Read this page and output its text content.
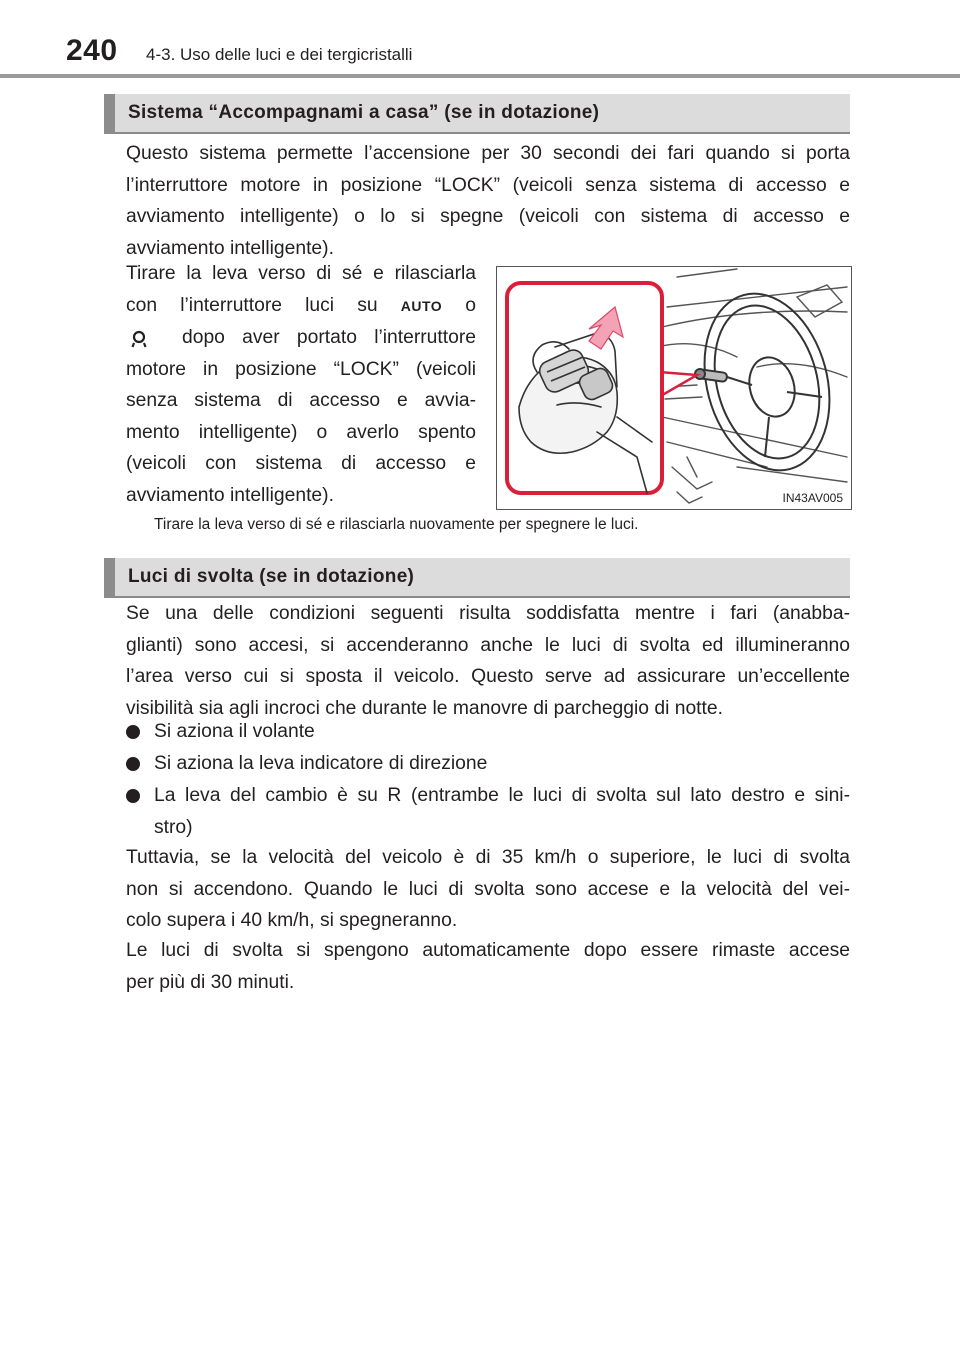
240 4-3. Uso delle luci e dei tergicristalli
Sistema “Accompagnami a casa” (se in dotazione)
Questo sistema permette l’accensione per 30 secondi dei fari quando si porta
l’interruttore motore in posizione “LOCK” (veicoli senza sistema di accesso e
avviamento intelligente) o lo si spegne (veicoli con sistema di accesso e
avviamento intelligente).
Tirare la leva verso di sé e rilasciarla
con l’interruttore luci su AUTO o
dopo aver portato l’interruttore
motore in posizione “LOCK” (veicoli
senza sistema di accesso e avvia-
mento intelligente) o averlo spento
(veicoli con sistema di accesso e
avviamento intelligente).	IN43AV005
Tirare la leva verso di sé e rilasciarla nuovamente per spegnere le luci.
Luci di svolta (se in dotazione)
Se una delle condizioni seguenti risulta soddisfatta mentre i fari (anabba-
glianti) sono accesi, si accenderanno anche le luci di svolta ed illumineranno
l’area verso cui si sposta il veicolo. Questo serve ad assicurare un’eccellente
visibilità sia agli incroci che durante le manovre di parcheggio di notte.
Si aziona il volante
Si aziona la leva indicatore di direzione
La leva del cambio è su R (entrambe le luci di svolta sul lato destro e sini-
stro)
Tuttavia, se la velocità del veicolo è di 35 km/h o superiore, le luci di svolta
non si accendono. Quando le luci di svolta sono accese e la velocità del vei-
colo supera i 40 km/h, si spegneranno.
Le luci di svolta si spengono automaticamente dopo essere rimaste accese
per più di 30 minuti.
